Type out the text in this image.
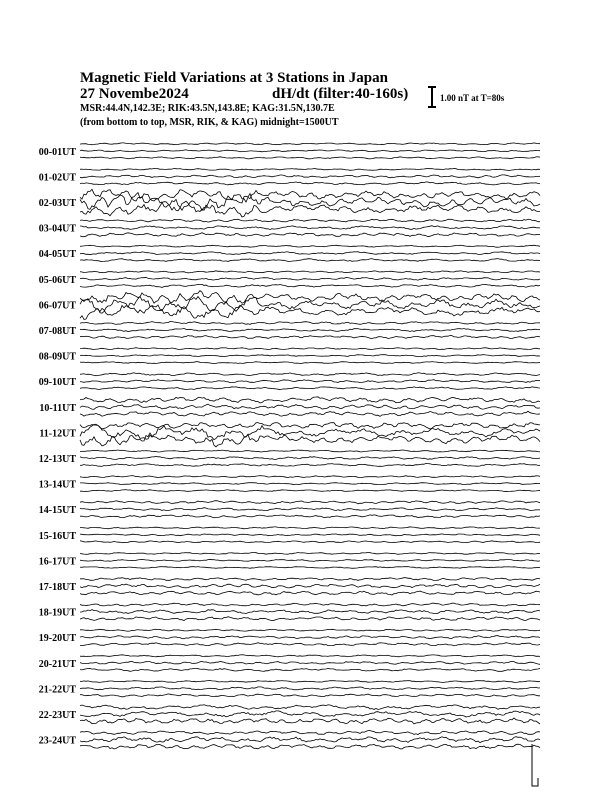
00-01UT
01-02UT
02-03UT
03-04UT
04-05UT
05-06UT
06-07UT
07-08UT
08-09UT
09-10UT
10-11UT
11-12UT
12-13UT
13-14UT
14-15UT
15-16UT
16-17UT
17-18UT
18-19UT
19-20UT
20-21UT
21-22UT
22-23UT
23-24UT
Magnetic Field Variations at 3 Stations in Japan
27 Novembe2024	dH/dt (filter:40-160s)
MSR:44.4N,142.3E; RIK:43.5N,143.8E; KAG:31.5N,130.7E
(from bottom to top, MSR, RIK, & KAG) midnight=1500UT
1.00 nT at T=80s
